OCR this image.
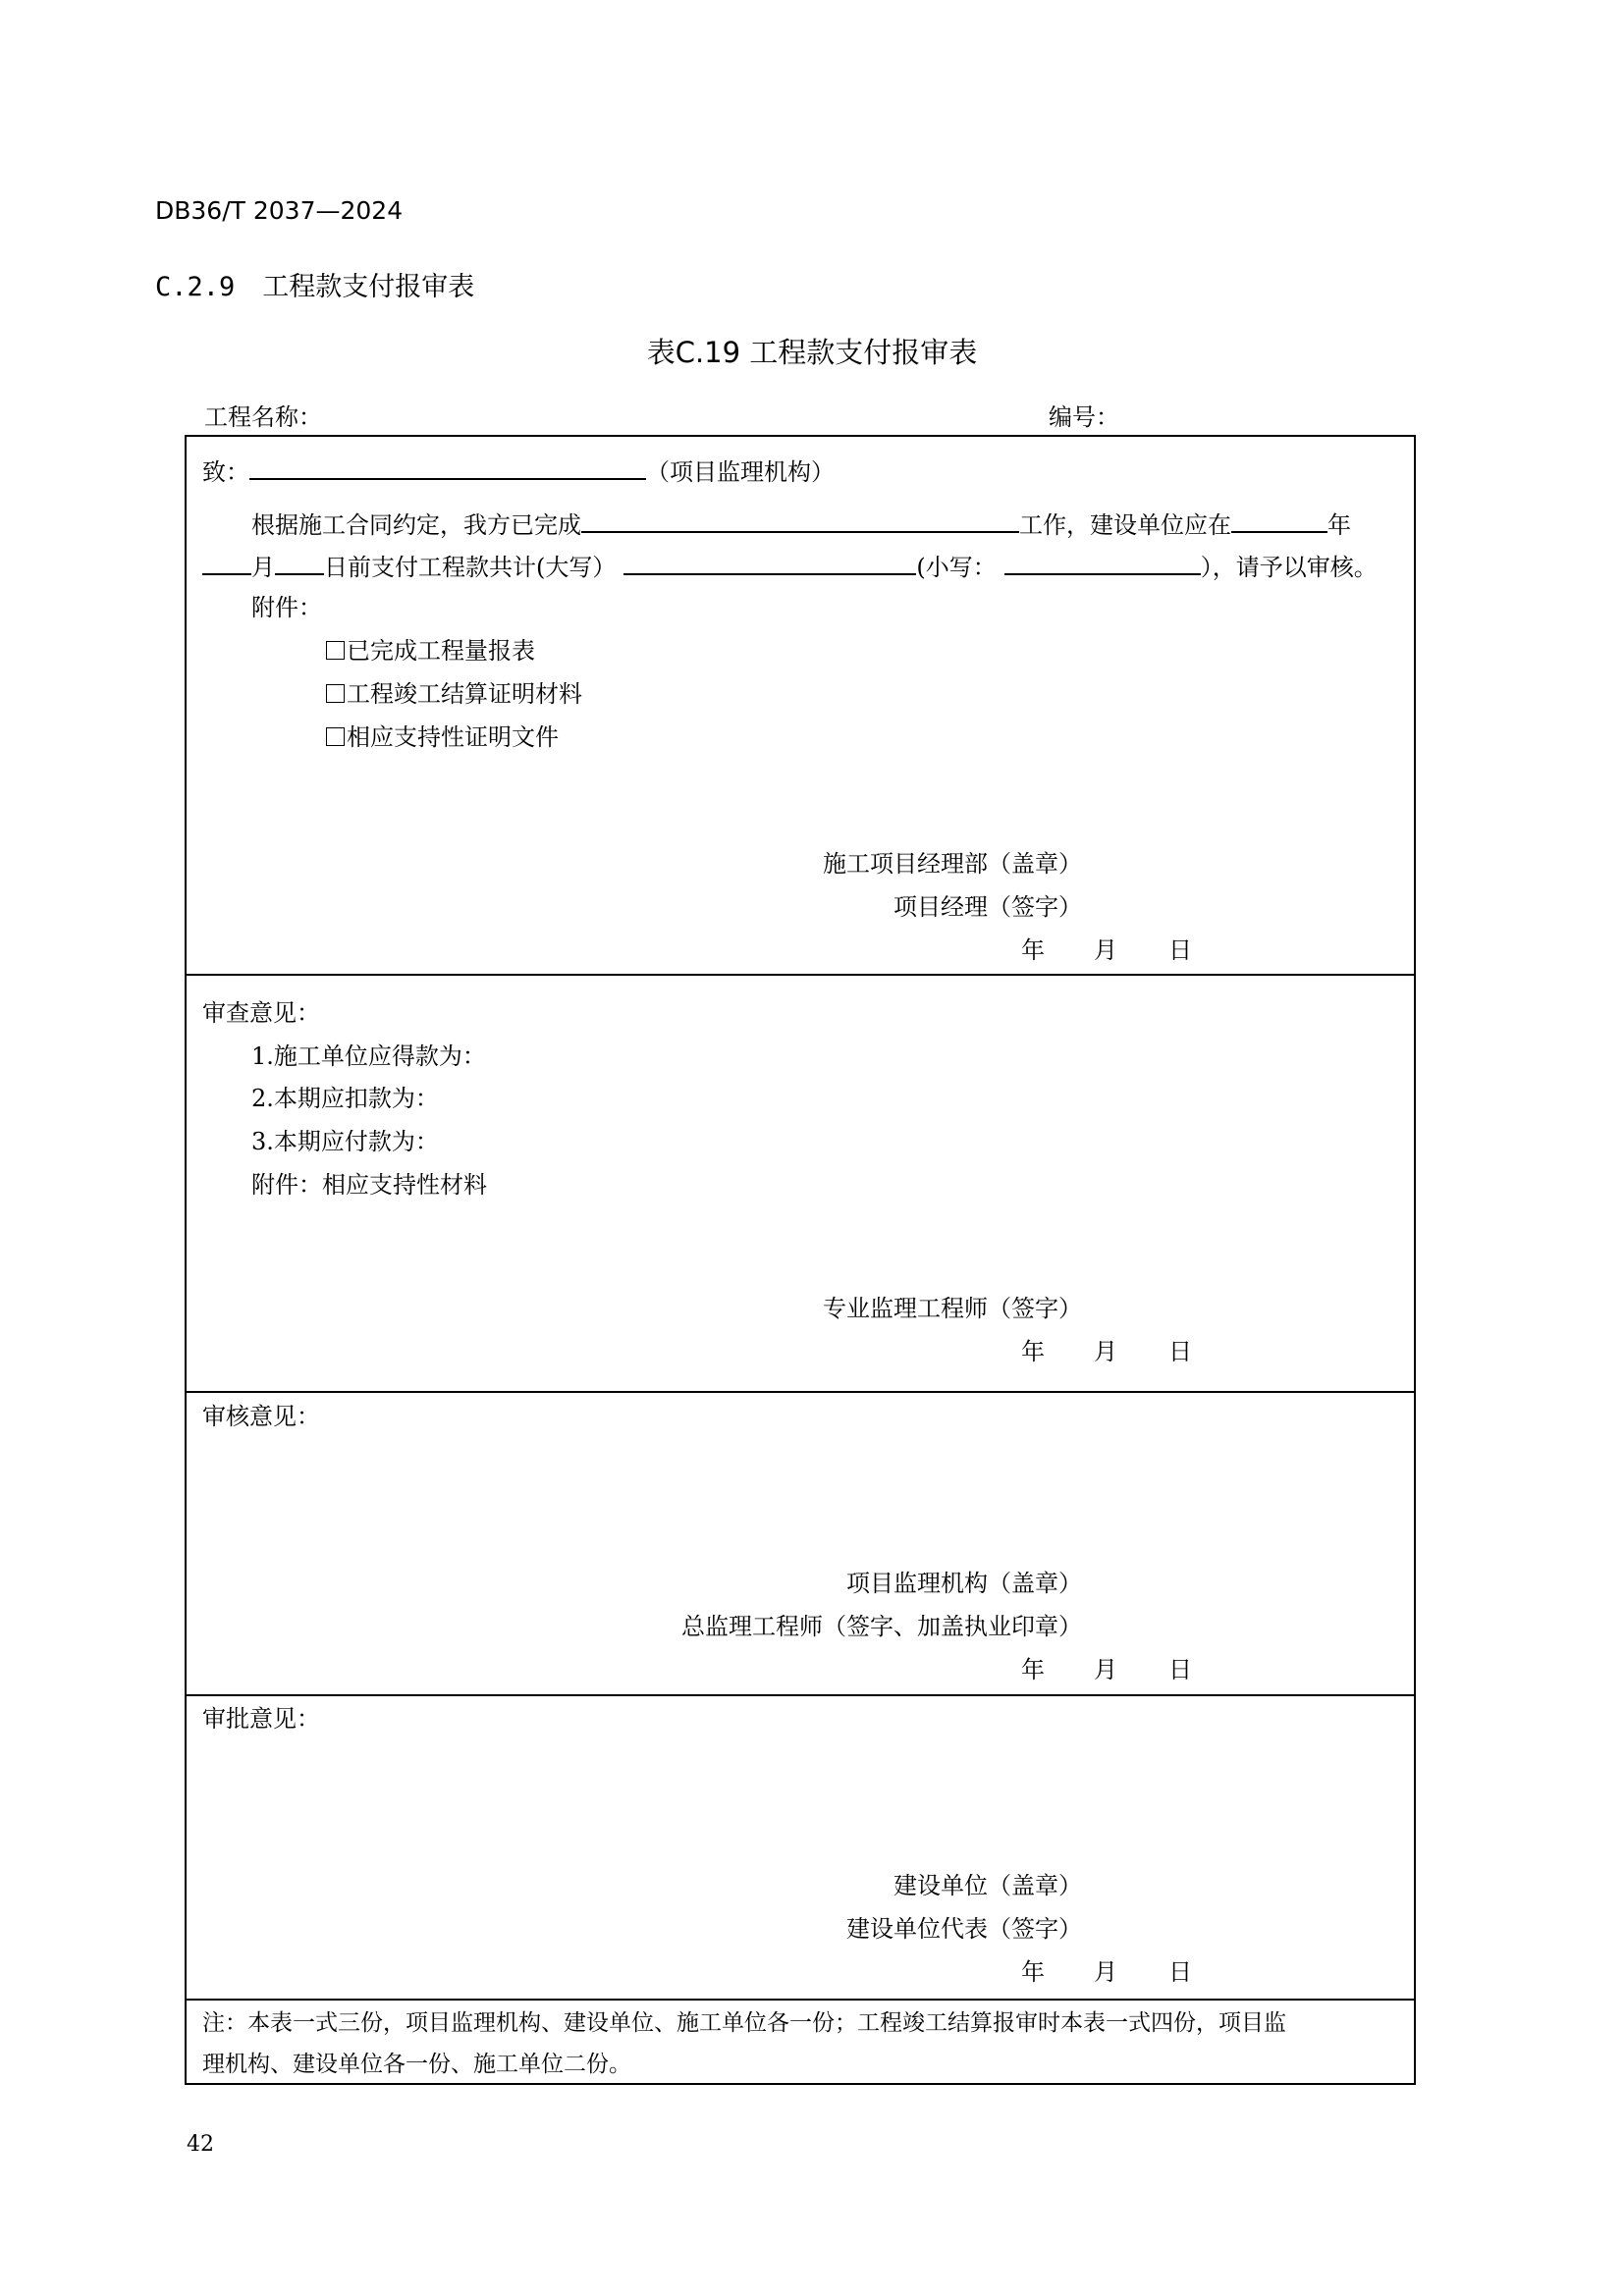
DB36/T 2037—2024
C.2.9 工程款支付报审表
表C.19 工程款支付报审表
工程名称：	编号：
致：	（项目监理机构）
根据施工合同约定，我方已完成	工作，建设单位应在	年
月 日前支付工程款共计(大写）	(小写：	），请予以审核。
附件：
已完成工程量报表
工程竣工结算证明材料
相应支持性证明文件
施工项目经理部（盖章）
项目经理（签字）
年 月 日
审查意见：
1.施工单位应得款为：
2.本期应扣款为：
3.本期应付款为：
附件：相应支持性材料
专业监理工程师（签字）
年 月 日
审核意见：
项目监理机构（盖章）
总监理工程师（签字、加盖执业印章）
年 月 日
审批意见：
建设单位（盖章）
建设单位代表（签字）
年 月 日
注：本表一式三份，项目监理机构、建设单位、施工单位各一份；工程竣工结算报审时本表一式四份，项目监
理机构、建设单位各一份、施工单位二份。
42
